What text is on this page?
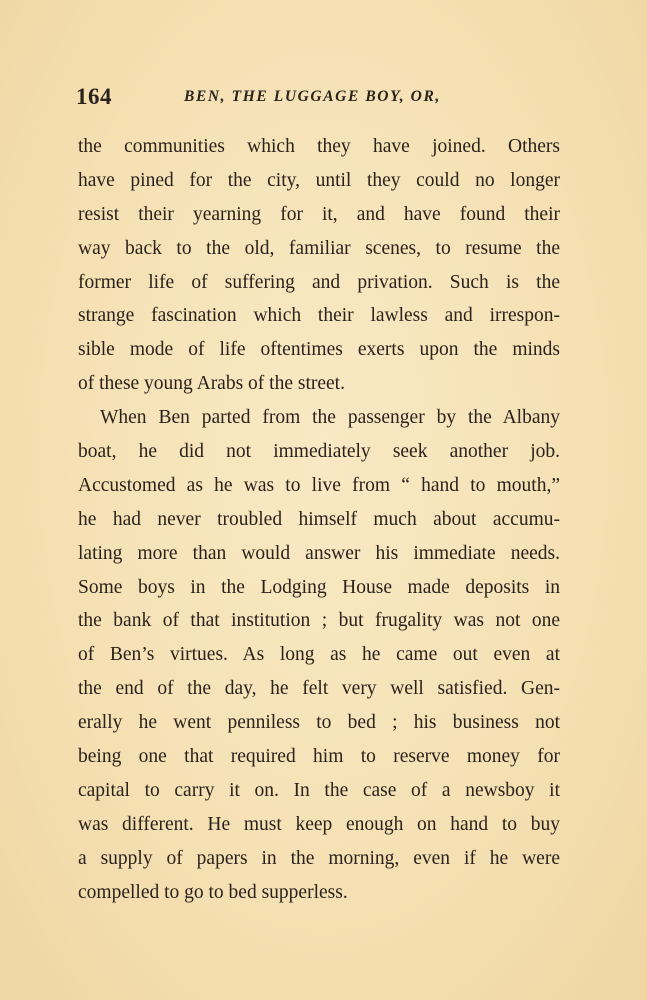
164	BEN, THE LUGGAGE BOY, OR,
the communities which they have joined. Others
have pined for the city, until they could no longer
resist their yearning for it, and have found their
way back to the old, familiar scenes, to resume the
former life of suffering and privation. Such is the
strange fascination which their lawless and irrespon-
sible mode of life oftentimes exerts upon the minds
of these young Arabs of the street.
When Ben parted from the passenger by the Albany
boat, he did not immediately seek another job.
Accustomed as he was to live from “ hand to mouth,”
he had never troubled himself much about accumu-
lating more than would answer his immediate needs.
Some boys in the Lodging House made deposits in
the bank of that institution ; but frugality was not one
of Ben’s virtues. As long as he came out even at
the end of the day, he felt very well satisfied. Gen-
erally he went penniless to bed ; his business not
being one that required him to reserve money for
capital to carry it on. In the case of a newsboy it
was different. He must keep enough on hand to buy
a supply of papers in the morning, even if he were
compelled to go to bed supperless.
